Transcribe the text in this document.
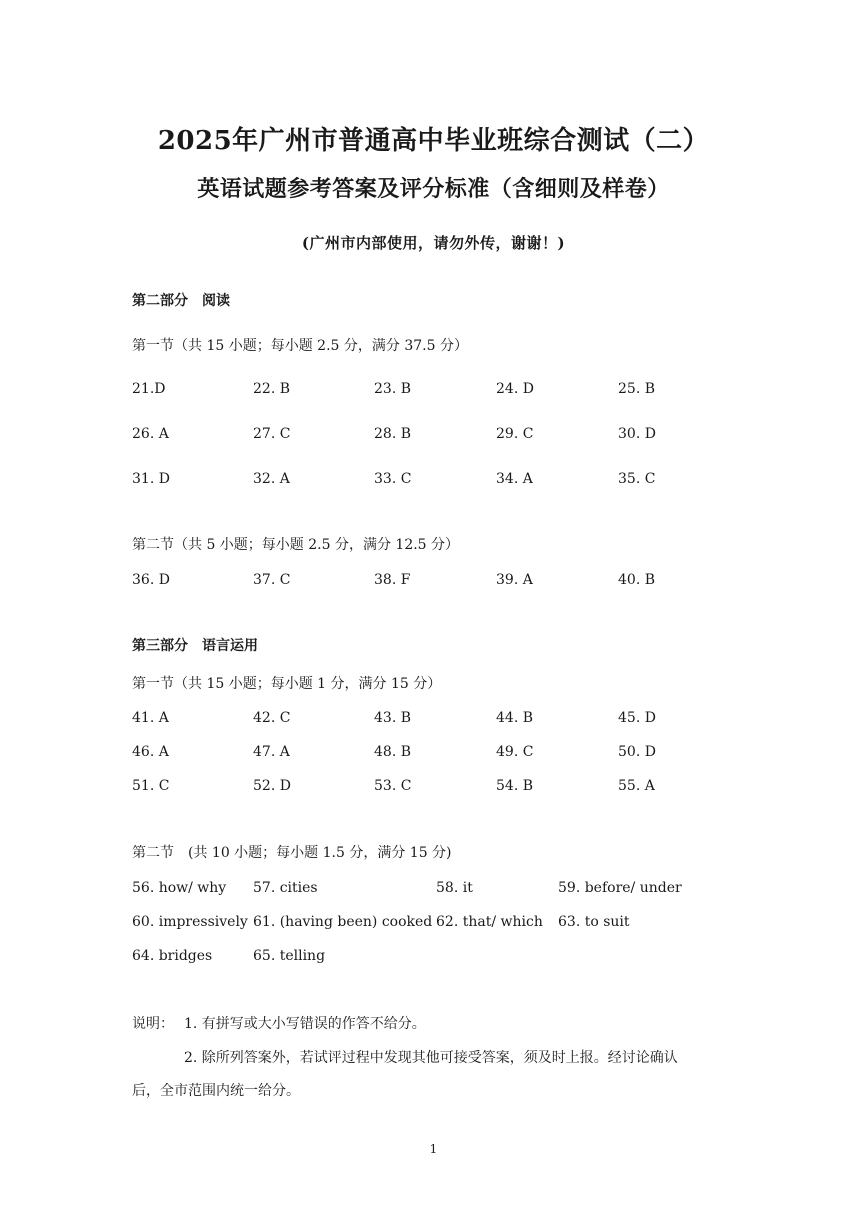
2025年广州市普通高中毕业班综合测试（二）
英语试题参考答案及评分标准（含细则及样卷）
(广州市内部使用，请勿外传，谢谢！)
第二部分　阅读
第一节（共 15 小题；每小题 2.5 分，满分 37.5 分）
21.D	22. B	23. B	24. D	25. B
26. A	27. C	28. B	29. C	30. D
31. D	32. A	33. C	34. A	35. C
第二节（共 5 小题；每小题 2.5 分，满分 12.5 分）
36. D	37. C	38. F	39. A	40. B
第三部分　语言运用
第一节（共 15 小题；每小题 1 分，满分 15 分）
41. A	42. C	43. B	44. B	45. D
46. A	47. A	48. B	49. C	50. D
51. C	52. D	53. C	54. B	55. A
第二节　(共 10 小题；每小题 1.5 分，满分 15 分)
56. how/ why 57. cities	58. it	59. before/ under
60. impressively 61. (having been) cooked 62. that/ which 63. to suit
64. bridges	65. telling
说明： 1. 有拼写或大小写错误的作答不给分。
2. 除所列答案外，若试评过程中发现其他可接受答案，须及时上报。经讨论确认
后，全市范围内统一给分。
1
